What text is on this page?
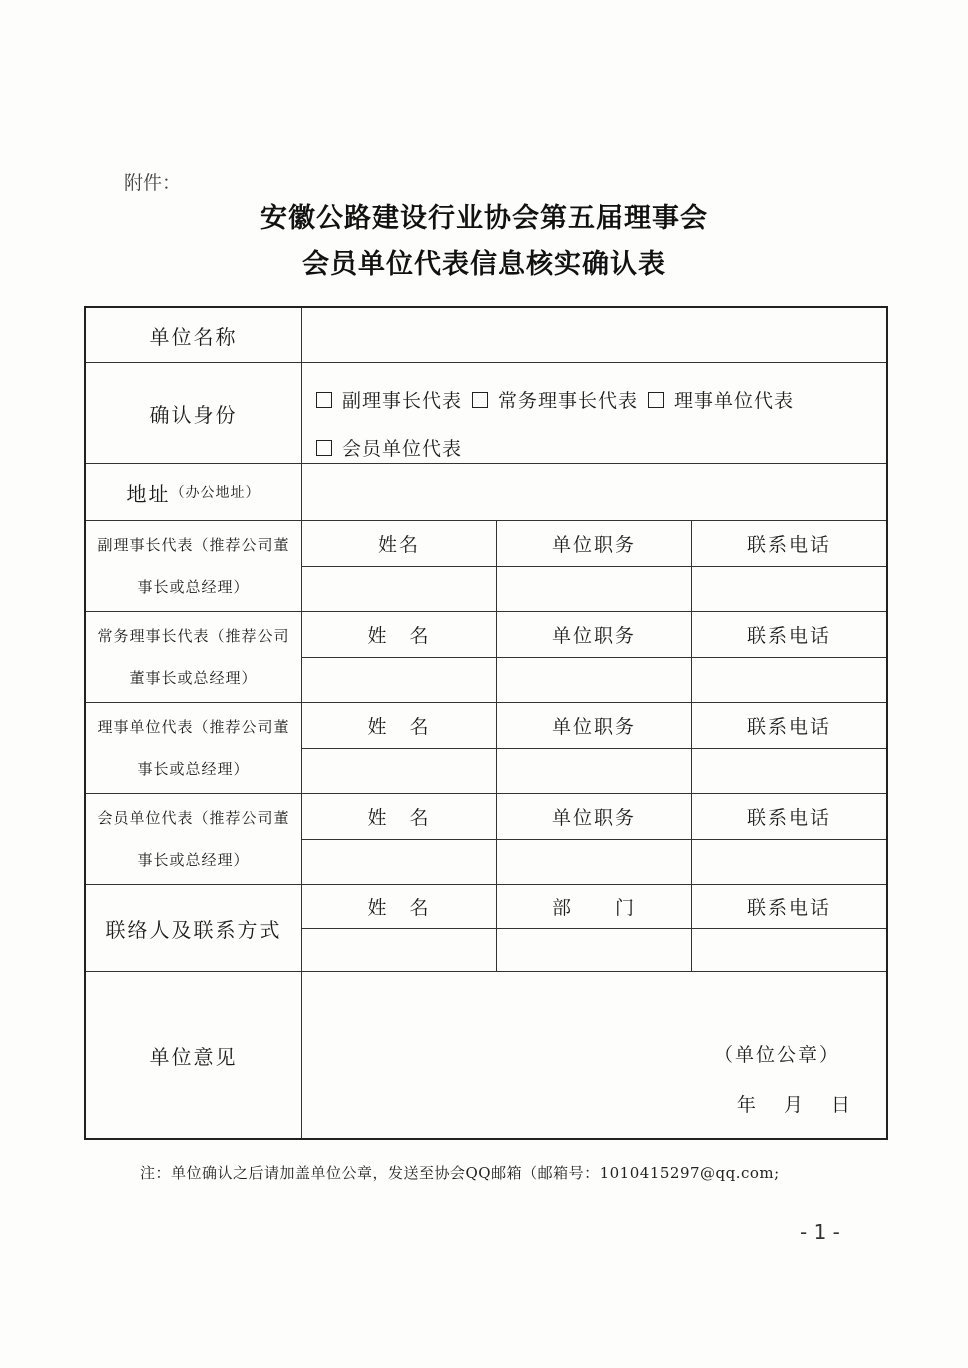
附件：
安徽公路建设行业协会第五届理事会
会员单位代表信息核实确认表
单位名称
确认身份
副理事长代表 常务理事长代表 理事单位代表
会员单位代表
地址 （办公地址）
副理事长代表（推荐公司董事长或总经理）
姓名	单位职务	联系电话
常务理事长代表（推荐公司董事长或总经理）
姓　名	单位职务	联系电话
理事单位代表（推荐公司董事长或总经理）
姓　名	单位职务	联系电话
会员单位代表（推荐公司董事长或总经理）
姓　名	单位职务	联系电话
联络人及联系方式
姓　名	部　　门	联系电话
单位意见	（单位公章）
年 月 日
注：单位确认之后请加盖单位公章，发送至协会QQ邮箱（邮箱号：1010415297@qq.com;
- 1 -
